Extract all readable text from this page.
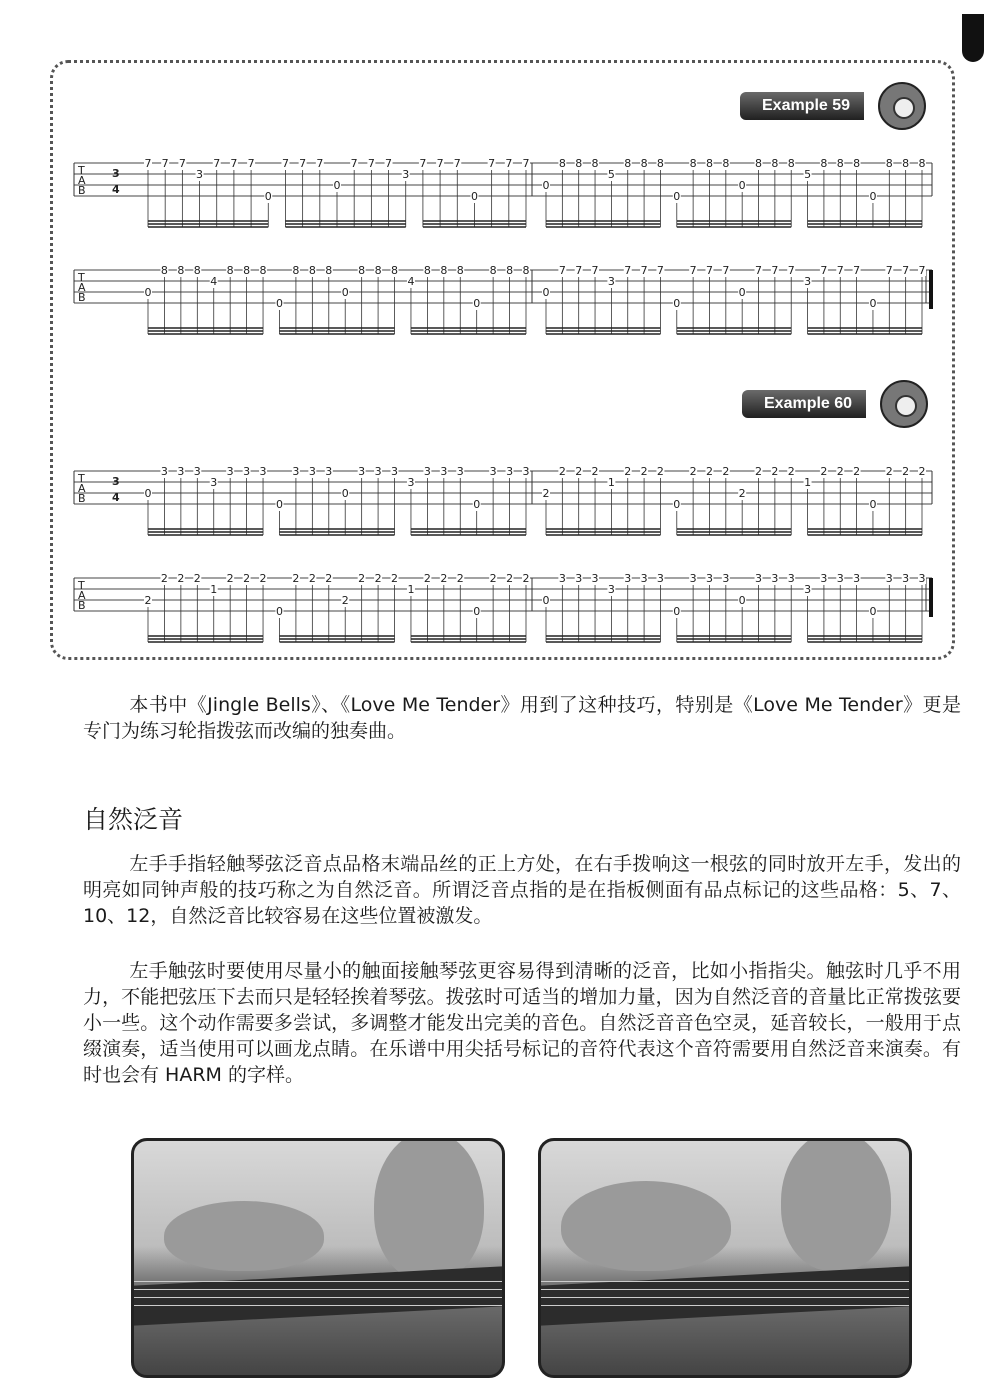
Example 59
Example 60
T
A
B
3
4
7 7 7
3
7 7 7
0
7 7 7
0
7 7 7
3
7 7 7
0
7 7 7
0
8 8 8
5
8 8 8
0
8 8 8
0
8 8 8
5
8 8 8
0
8 8 8
T
A
B	0
8 8 8
4
8 8 8
0
8 8 8
0
8 8 8
4
8 8 8
0
8 8 8
0
7 7 7
3
7 7 7
0
7 7 7
0
7 7 7
3
7 7 7
0
7 7 7
T
A
B
3
4 0
3 3 3
3
3 3 3
0
3 3 3
0
3 3 3
3
3 3 3
0
3 3 3
2
2 2 2
1
2 2 2
0
2 2 2
2
2 2 2
1
2 2 2
0
2 2 2
T
A
B	2
2 2 2
1
2 2 2
0
2 2 2
2
2 2 2
1
2 2 2
0
2 2 2
0
3 3 3
3
3 3 3
0
3 3 3
0
3 3 3
3
3 3 3
0
3 3 3

本书中《Jingle Bells》、《Love Me Tender》用到了这种技巧，特别是《Love Me Tender》更是专门为练习轮指拨弦而改编的独奏曲。

自然泛音

左手手指轻触琴弦泛音点品格末端品丝的正上方处，在右手拨响这一根弦的同时放开左手，发出的明亮如同钟声般的技巧称之为自然泛音。所谓泛音点指的是在指板侧面有品点标记的这些品格：5、7、10、12，自然泛音比较容易在这些位置被激发。

左手触弦时要使用尽量小的触面接触琴弦更容易得到清晰的泛音，比如小指指尖。触弦时几乎不用力，不能把弦压下去而只是轻轻挨着琴弦。拨弦时可适当的增加力量，因为自然泛音的音量比正常拨弦要小一些。这个动作需要多尝试，多调整才能发出完美的音色。自然泛音音色空灵，延音较长，一般用于点缀演奏，适当使用可以画龙点睛。在乐谱中用尖括号标记的音符代表这个音符需要用自然泛音来演奏。有时也会有 HARM 的字样。
